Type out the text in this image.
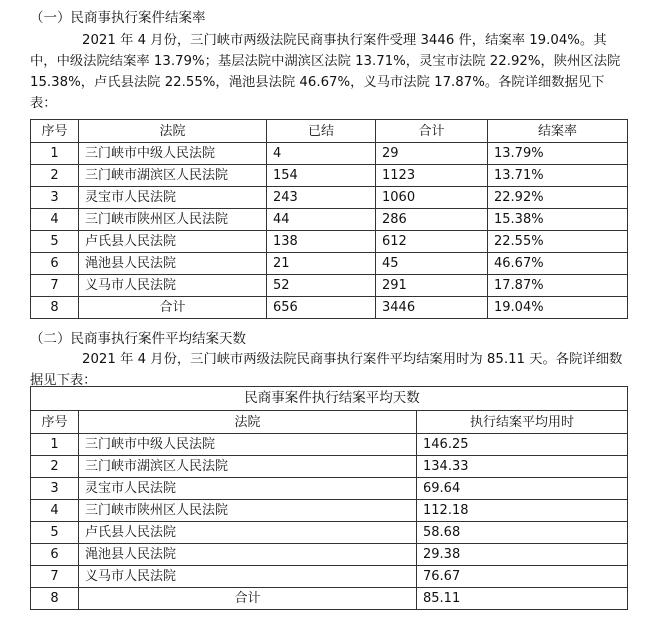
（一）民商事执行案件结案率

2021 年 4 月份，三门峡市两级法院民商事执行案件受理 3446 件，结案率 19.04%。其中，中级法院结案率 13.79%；基层法院中湖滨区法院 13.71%，灵宝市法院 22.92%，陕州区法院 15.38%，卢氏县法院 22.55%，渑池县法院 46.67%，义马市法院 17.87%。各院详细数据见下表：

序号	法院	已结	合计	结案率
1	三门峡市中级人民法院	4	29	13.79%
2	三门峡市湖滨区人民法院	154	1123	13.71%
3	灵宝市人民法院	243	1060	22.92%
4	三门峡市陕州区人民法院	44	286	15.38%
5	卢氏县人民法院	138	612	22.55%
6	渑池县人民法院	21	45	46.67%
7	义马市人民法院	52	291	17.87%
8	合计	656	3446	19.04%
（二）民商事执行案件平均结案天数

2021 年 4 月份，三门峡市两级法院民商事执行案件平均结案用时为 85.11 天。各院详细数据见下表：

民商事案件执行结案平均天数		
序号	法院	执行结案平均用时
1	三门峡市中级人民法院	146.25
2	三门峡市湖滨区人民法院	134.33
3	灵宝市人民法院	69.64
4	三门峡市陕州区人民法院	112.18
5	卢氏县人民法院	58.68
6	渑池县人民法院	29.38
7	义马市人民法院	76.67
8	合计	85.11
